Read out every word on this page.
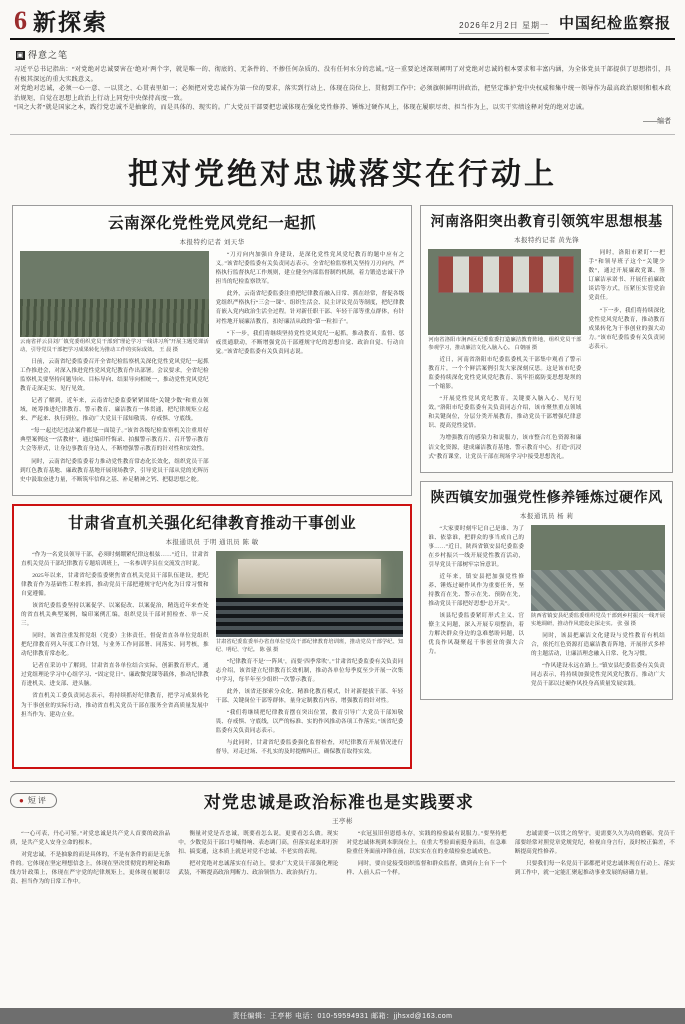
6 新探索	2026年2月2日 星期一 中国纪检监察报
▣ 得意之笔

习近平总书记指出：“对党绝对忠诚要害在‘绝对’两个字，就是唯一的、彻底的、无条件的、不掺任何杂质的、没有任何水分的忠诚。”这一重要论述深刻阐明了对党绝对忠诚的根本要求和丰富内涵，为全体党员干部提供了思想指引，具有极其深远的重大实践意义。

对党绝对忠诚，必须一心一意、一以贯之、心贯表里如一；必须把对党忠诚作为第一位的要求，落实到行动上、体现在岗位上、贯彻到工作中；必须旗帜鲜明讲政治，把坚定维护党中央权威和集中统一领导作为最高政治原则和根本政治规矩，自觉在思想上政治上行动上同党中央保持高度一致。

“国之大者”就是国家之本，践行党忠诚不是抽象的，而是具体的、现实的。广大党员干部要把忠诚体现在强化党性修养、锤炼过硬作风上，体现在履职尽责、担当作为上，以实干实绩诠释对党的绝对忠诚。

——编者
把对党绝对忠诚落实在行动上
云南深化党性党风党纪一起抓
本报特约记者 刘天华
云南省祥云县刘厂镇党委组织党员干部到“理论学习一线讲习所”开展主题党课活动，引导党员干部把学习成果转化为推动工作的实际成效。 王 晨 摄

日前，云南省纪委监委召开全省纪检监察机关深化党性党风党纪一起抓工作推进会，对深入推进党性党风党纪教育作出部署。会议要求，全省纪检监察机关要坚持问题导向、目标导向、结果导向相统一，推动党性党风党纪教育走深走实、见行见效。

记者了解到，近年来，云南省纪委监委紧紧围绕“关键少数”和重点领域，统筹推进纪律教育、警示教育、廉洁教育一体贯通，把纪律规矩立起来、严起来、执行到位，推动广大党员干部知敬畏、存戒惧、守底线。

“每一起违纪违法案件都是一面镜子。”该省各级纪检监察机关注重用好典型案例这一“活教材”，通过编印忏悔录、拍摄警示教育片、召开警示教育大会等形式，让身边事教育身边人，不断增强警示教育的针对性和实效性。

同时，云南省纪委监委着力推动党性教育常态化长效化，组织党员干部到红色教育基地、廉政教育基地开展现场教学，引导党员干部从党的光辉历史中汲取奋进力量，不断筑牢信仰之基、补足精神之钙、把稳思想之舵。

“刀刃向内加强自身建设，是深化党性党风党纪教育的题中应有之义。”该省纪委监委有关负责同志表示，全省纪检监察机关坚持刀刃向内，严格执行监督执纪工作规则，建立健全内部监督制约机制，着力锻造忠诚干净担当的纪检监察铁军。

此外，云南省纪委监委注重把纪律教育融入日常、抓在经常，督促各级党组织严格执行“三会一课”、组织生活会、民主评议党员等制度，把纪律教育嵌入党内政治生活全过程。针对新任职干部、年轻干部等重点群体，有针对性地开展廉洁教育，扣好廉洁从政的“第一粒扣子”。

“下一步，我们将继续坚持党性党风党纪一起抓，推动教育、监督、惩戒贯通联动，不断增强党员干部遵规守纪的思想自觉、政治自觉、行动自觉。”该省纪委监委有关负责同志说。

甘肃省直机关强化纪律教育推动干事创业
本报通讯员 于明 通讯员 陈 敏

“作为一名党员领导干部，必须时刻绷紧纪律这根弦……”近日，甘肃省直机关党员干部纪律教育专题培训班上，一名参训学员在交流发言时说。

2025年以来，甘肃省纪委监委聚焦省直机关党员干部队伍建设，把纪律教育作为基础性工程来抓，推动党员干部把遵规守纪内化为日常习惯和自觉遵循。

该省纪委监委坚持以案促学、以案促改、以案促治，精选近年来查处的省直机关典型案例，编印案例汇编，组织党员干部对照检查、举一反三。

同时，该省注重发挥党组（党委）主体责任，督促省直各单位党组织把纪律教育列入年度工作计划，与业务工作同部署、同落实、同考核，推动纪律教育常态化。

记者在采访中了解到，甘肃省直各单位结合实际，创新教育形式，通过党组理论学习中心组学习、“固定党日”、廉政微党课等载体，推动纪律教育进机关、进支部、进头脑。

省直机关工委负责同志表示，将持续抓好纪律教育，把学习成果转化为干事创业的实际行动，推动省直机关党员干部在服务全省高质量发展中担当作为、建功立业。

甘肃省纪委监委举办省直单位党员干部纪律教育培训班，推动党员干部学纪、知纪、明纪、守纪。 陈 强 摄

“纪律教育不是‘一阵风’，而要‘四季常吹’。”甘肃省纪委监委有关负责同志介绍，该省建立纪律教育长效机制，推动各单位每季度至少开展一次集中学习，每半年至少组织一次警示教育。

此外，该省还探索分众化、精准化教育模式，针对新提拔干部、年轻干部、关键岗位干部等群体，量身定制教育内容，增强教育的针对性。

“我们将继续把纪律教育摆在突出位置，教育引导广大党员干部知敬畏、存戒惧、守底线，以严的标准、实的作风推动各项工作落实。”该省纪委监委有关负责同志表示。

与此同时，甘肃省纪委监委强化监督检查，对纪律教育开展情况进行督导，对走过场、不扎实的及时提醒纠正，确保教育取得实效。

河南洛阳突出教育引领筑牢思想根基
本报特约记者 黄先锋
河南省洛阳市涧西区纪委监委打造廉洁教育阵地，组织党员干部参观学习，推动廉洁文化入脑入心。 白朝丽 摄

近日，河南省洛阳市纪委监委机关干部集中观看了警示教育片，一个个鲜活案例引发大家深刻反思。这是该市纪委监委持续深化党性党风党纪教育、筑牢拒腐防变思想堤坝的一个缩影。

“开展党性党风党纪教育，关键要入脑入心、见行见效。”洛阳市纪委监委有关负责同志介绍，该市聚焦重点领域和关键岗位，分层分类开展教育，推动党员干部增强纪律意识、提高党性觉悟。

为增强教育的感染力和说服力，该市整合红色资源和廉洁文化资源，建成廉洁教育基地、警示教育中心，打造“沉浸式”教育课堂，让党员干部在现场学习中接受思想洗礼。

同时，洛阳市紧盯“一把手”和领导班子这个“关键少数”，通过开展廉政党课、签订廉洁承诺书、开展任前廉政谈话等方式，压紧压实管党治党责任。

“下一步，我们将持续深化党性党风党纪教育，推动教育成果转化为干事创业的强大动力。”该市纪委监委有关负责同志表示。

陕西镇安加强党性修养锤炼过硬作风
本报通讯员 杨 莉

“大家要时刻牢记自己是谁、为了谁、依靠谁，把群众的事当成自己的事……”近日，陕西省镇安县纪委监委在乡村振兴一线开展党性教育活动，引导党员干部树牢宗旨意识。

近年来，镇安县把加强党性修养、锤炼过硬作风作为重要任务，坚持教育在先、警示在先、预防在先，推动党员干部把好思想“总开关”。

该县纪委监委紧盯形式主义、官僚主义问题，深入开展专项整治，着力解决群众身边的急难愁盼问题，以优良作风凝聚起干事创业的强大合力。

陕西省镇安县纪委监委组织党员干部到乡村振兴一线开展实地调研，推动作风建设走深走实。 张 强 摄

同时，该县把廉洁文化建设与党性教育有机结合，依托红色资源打造廉洁教育阵地，开展形式多样的主题活动，让廉洁理念融入日常、化为习惯。

“作风建设永远在路上。”镇安县纪委监委有关负责同志表示，将持续加强党性党风党纪教育，推动广大党员干部以过硬作风投身高质量发展实践。

● 短评	对党忠诚是政治标准也是实践要求
王亭彬

“一心可表，丹心可鉴。”对党忠诚是共产党人首要的政治品质，是共产党人安身立命的根本。

对党忠诚，不是抽象的而是具体的，不是有条件的而是无条件的。它体现在坚定理想信念上，体现在坚决贯彻党的理论和路线方针政策上，体现在严守党的纪律规矩上，更体现在履职尽责、担当作为的日常工作中。

衡量对党是否忠诚，既要看怎么说，更要看怎么做。现实中，少数党员干部口号喊得响、表态调门高，但落实起来却打折扣、搞变通，这本质上就是对党不忠诚、不老实的表现。

把对党绝对忠诚落实在行动上，要求广大党员干部强化理论武装，不断提高政治判断力、政治领悟力、政治执行力。

“衣冠虽旧但恩德永存，实践的检验最有说服力。”要坚持把对党忠诚体现到本职岗位上，在重大考验面前挺身而出，在急难险重任务面前冲锋在前，以实实在在的业绩检验忠诚成色。

同时，要自觉接受组织监督和群众监督，做到台上台下一个样、人前人后一个样。

忠诚需要一以贯之的坚守，更需要久久为功的磨砺。党员干部要经常对照党章党规党纪，检视自身言行，及时校正偏差，不断提高党性修养。

只要我们每一名党员干部都把对党忠诚体现在行动上、落实到工作中，就一定能汇聚起推动事业发展的磅礴力量。

责任编辑：王亭彬 电话：010-59594931 邮箱：jjhsxd@163.com
